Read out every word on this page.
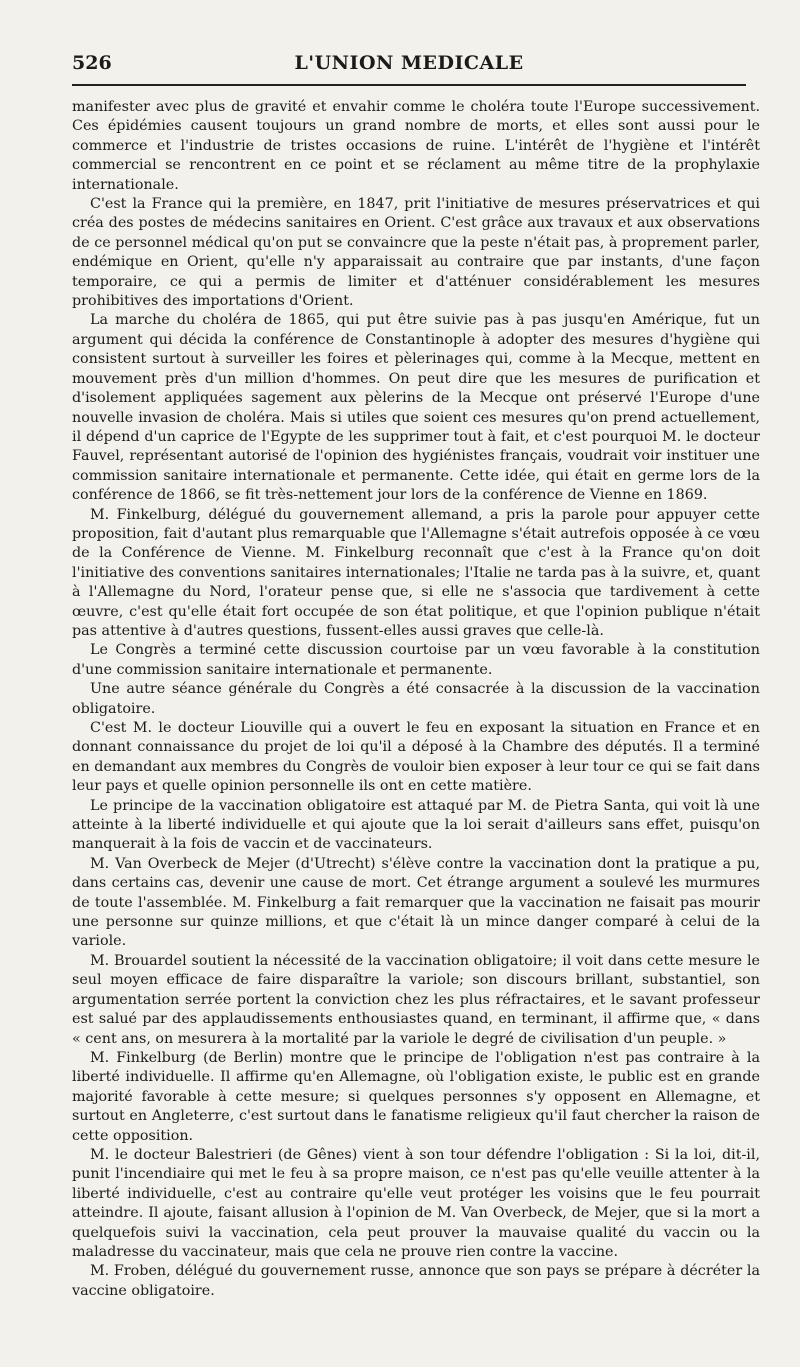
526	L'UNION MEDICALE

manifester avec plus de gravité et envahir comme le choléra toute l'Europe successivement. Ces épidémies causent toujours un grand nombre de morts, et elles sont aussi pour le commerce et l'industrie de tristes occasions de ruine. L'intérêt de l'hygiène et l'intérêt commercial se rencontrent en ce point et se réclament au même titre de la prophylaxie internationale.

C'est la France qui la première, en 1847, prit l'initiative de mesures préservatrices et qui créa des postes de médecins sanitaires en Orient. C'est grâce aux travaux et aux observations de ce personnel médical qu'on put se convaincre que la peste n'était pas, à proprement parler, endémique en Orient, qu'elle n'y apparaissait au contraire que par instants, d'une façon temporaire, ce qui a permis de limiter et d'atténuer considérablement les mesures prohibitives des importations d'Orient.

La marche du choléra de 1865, qui put être suivie pas à pas jusqu'en Amérique, fut un argument qui décida la conférence de Constantinople à adopter des mesures d'hygiène qui consistent surtout à surveiller les foires et pèlerinages qui, comme à la Mecque, mettent en mouvement près d'un million d'hommes. On peut dire que les mesures de purification et d'isolement appliquées sagement aux pèlerins de la Mecque ont préservé l'Europe d'une nouvelle invasion de choléra. Mais si utiles que soient ces mesures qu'on prend actuellement, il dépend d'un caprice de l'Egypte de les supprimer tout à fait, et c'est pourquoi M. le docteur Fauvel, représentant autorisé de l'opinion des hygiénistes français, voudrait voir instituer une commission sanitaire internationale et permanente. Cette idée, qui était en germe lors de la conférence de 1866, se fit très-nettement jour lors de la conférence de Vienne en 1869.

M. Finkelburg, délégué du gouvernement allemand, a pris la parole pour appuyer cette proposition, fait d'autant plus remarquable que l'Allemagne s'était autrefois opposée à ce vœu de la Conférence de Vienne. M. Finkelburg reconnaît que c'est à la France qu'on doit l'initiative des conventions sanitaires internationales; l'Italie ne tarda pas à la suivre, et, quant à l'Allemagne du Nord, l'orateur pense que, si elle ne s'associa que tardivement à cette œuvre, c'est qu'elle était fort occupée de son état politique, et que l'opinion publique n'était pas attentive à d'autres questions, fussent-elles aussi graves que celle-là.

Le Congrès a terminé cette discussion courtoise par un vœu favorable à la constitution d'une commission sanitaire internationale et permanente.

Une autre séance générale du Congrès a été consacrée à la discussion de la vaccination obligatoire.

C'est M. le docteur Liouville qui a ouvert le feu en exposant la situation en France et en donnant connaissance du projet de loi qu'il a déposé à la Chambre des députés. Il a terminé en demandant aux membres du Congrès de vouloir bien exposer à leur tour ce qui se fait dans leur pays et quelle opinion personnelle ils ont en cette matière.

Le principe de la vaccination obligatoire est attaqué par M. de Pietra Santa, qui voit là une atteinte à la liberté individuelle et qui ajoute que la loi serait d'ailleurs sans effet, puisqu'on manquerait à la fois de vaccin et de vaccinateurs.

M. Van Overbeck de Mejer (d'Utrecht) s'élève contre la vaccination dont la pratique a pu, dans certains cas, devenir une cause de mort. Cet étrange argument a soulevé les murmures de toute l'assemblée. M. Finkelburg a fait remarquer que la vaccination ne faisait pas mourir une personne sur quinze millions, et que c'était là un mince danger comparé à celui de la variole.

M. Brouardel soutient la nécessité de la vaccination obligatoire; il voit dans cette mesure le seul moyen efficace de faire disparaître la variole; son discours brillant, substantiel, son argumentation serrée portent la conviction chez les plus réfractaires, et le savant professeur est salué par des applaudissements enthousiastes quand, en terminant, il affirme que, « dans « cent ans, on mesurera à la mortalité par la variole le degré de civilisation d'un peuple. »

M. Finkelburg (de Berlin) montre que le principe de l'obligation n'est pas contraire à la liberté individuelle. Il affirme qu'en Allemagne, où l'obligation existe, le public est en grande majorité favorable à cette mesure; si quelques personnes s'y opposent en Allemagne, et surtout en Angleterre, c'est surtout dans le fanatisme religieux qu'il faut chercher la raison de cette opposition.

M. le docteur Balestrieri (de Gênes) vient à son tour défendre l'obligation : Si la loi, dit-il, punit l'incendiaire qui met le feu à sa propre maison, ce n'est pas qu'elle veuille attenter à la liberté individuelle, c'est au contraire qu'elle veut protéger les voisins que le feu pourrait atteindre. Il ajoute, faisant allusion à l'opinion de M. Van Overbeck, de Mejer, que si la mort a quelquefois suivi la vaccination, cela peut prouver la mauvaise qualité du vaccin ou la maladresse du vaccinateur, mais que cela ne prouve rien contre la vaccine.

M. Froben, délégué du gouvernement russe, annonce que son pays se prépare à décréter la vaccine obligatoire.
